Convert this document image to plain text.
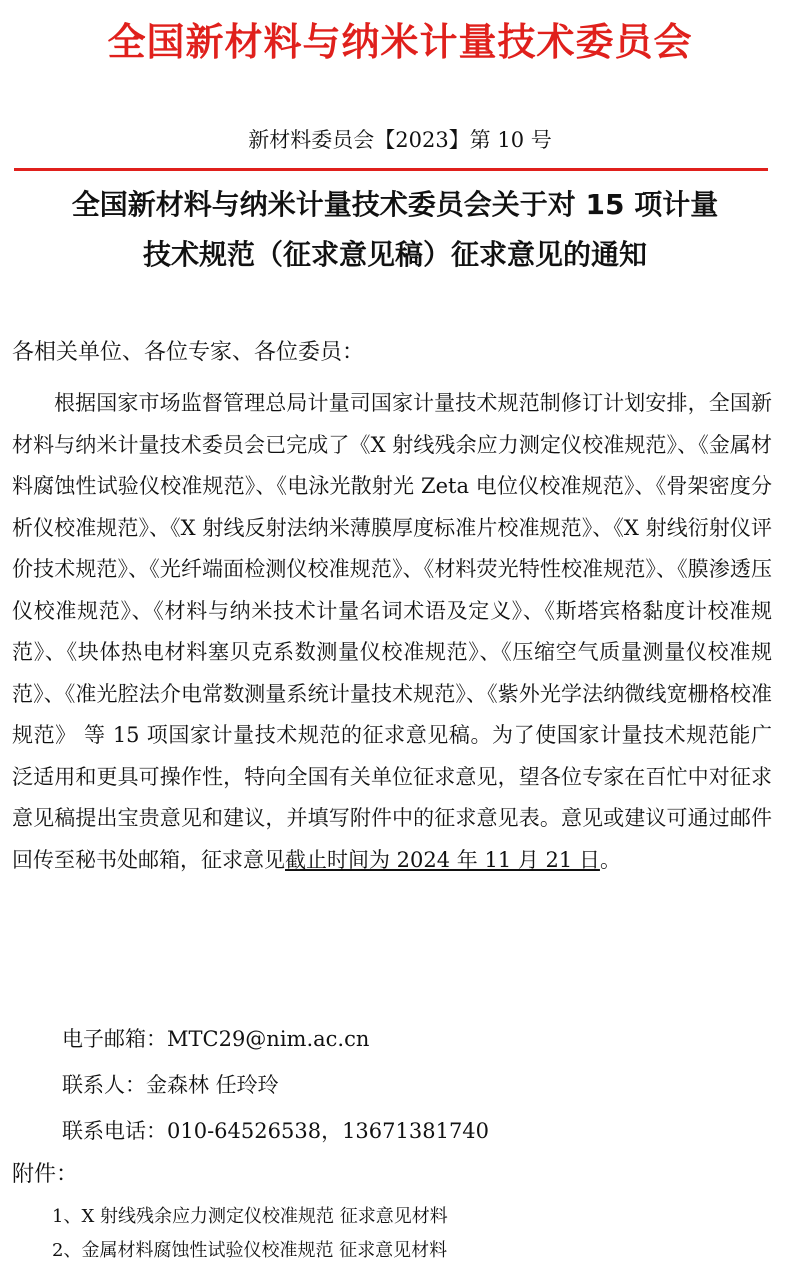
全国新材料与纳米计量技术委员会
新材料委员会【2023】第 10 号
全国新材料与纳米计量技术委员会关于对 15 项计量
技术规范（征求意见稿）征求意见的通知
各相关单位、各位专家、各位委员：
根据国家市场监督管理总局计量司国家计量技术规范制修订计划安排，全国新材料与纳米计量技术委员会已完成了《X 射线残余应力测定仪校准规范》、《金属材料腐蚀性试验仪校准规范》、《电泳光散射光 Zeta 电位仪校准规范》、《骨架密度分析仪校准规范》、《X 射线反射法纳米薄膜厚度标准片校准规范》、《X 射线衍射仪评价技术规范》、《光纤端面检测仪校准规范》、《材料荧光特性校准规范》、《膜渗透压仪校准规范》、《材料与纳米技术计量名词术语及定义》、《斯塔宾格黏度计校准规范》、《块体热电材料塞贝克系数测量仪校准规范》、《压缩空气质量测量仪校准规范》、《准光腔法介电常数测量系统计量技术规范》、《紫外光学法纳微线宽栅格校准规范》 等 15 项国家计量技术规范的征求意见稿。为了使国家计量技术规范能广泛适用和更具可操作性，特向全国有关单位征求意见，望各位专家在百忙中对征求意见稿提出宝贵意见和建议，并填写附件中的征求意见表。意见或建议可通过邮件回传至秘书处邮箱，征求意见截止时间为 2024 年 11 月 21 日。
电子邮箱：MTC29@nim.ac.cn
联系人：金森林 任玲玲
联系电话：010-64526538，13671381740
附件：
1、X 射线残余应力测定仪校准规范 征求意见材料
2、金属材料腐蚀性试验仪校准规范 征求意见材料
